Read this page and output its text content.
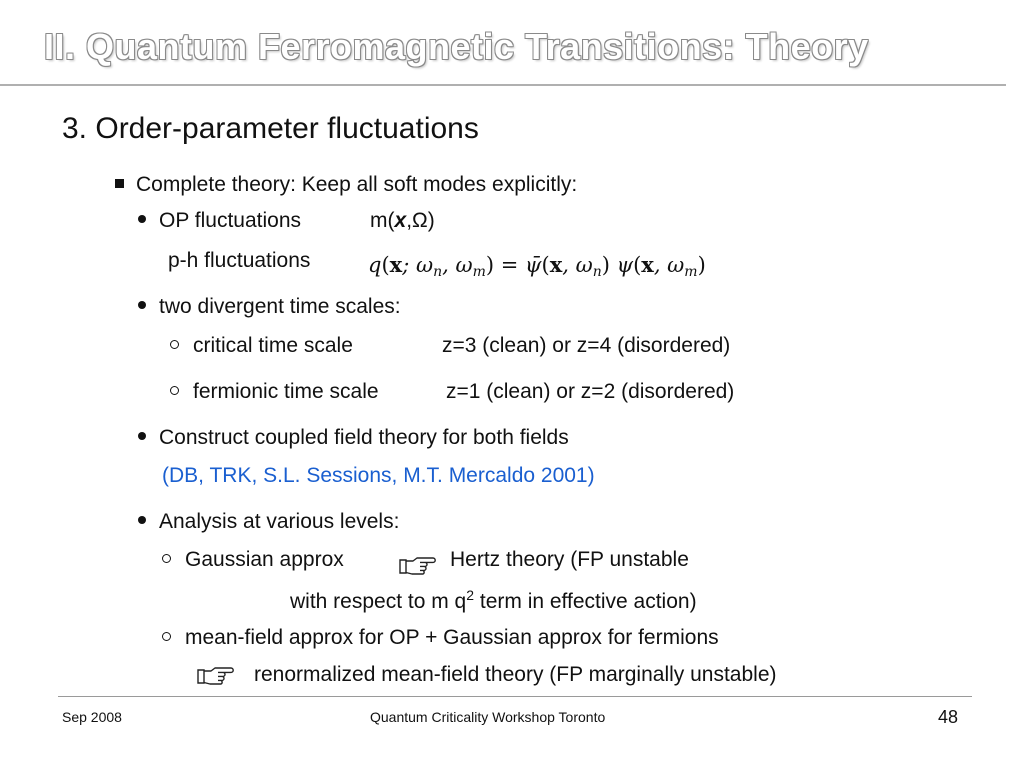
II. Quantum Ferromagnetic Transitions: Theory
3. Order-parameter fluctuations
Complete theory: Keep all soft modes explicitly:
OP fluctuations	m(x,Ω)
p-h fluctuations	q(x; $\omega_n$, $\omega_m$) = ψ̄(x, $\omega_n$) ψ(x, $\omega_m$)
two divergent time scales:
critical time scale	z=3 (clean) or z=4 (disordered)
fermionic time scale	z=1 (clean) or z=2 (disordered)
Construct coupled field theory for both fields
(DB, TRK, S.L. Sessions, M.T. Mercaldo 2001)
Analysis at various levels:
Gaussian approx	Hertz theory (FP unstable
with respect to m $q^2$ term in effective action)
mean-field approx for OP + Gaussian approx for fermions
renormalized mean-field theory (FP marginally unstable)
Sep 2008	Quantum Criticality Workshop Toronto	48
